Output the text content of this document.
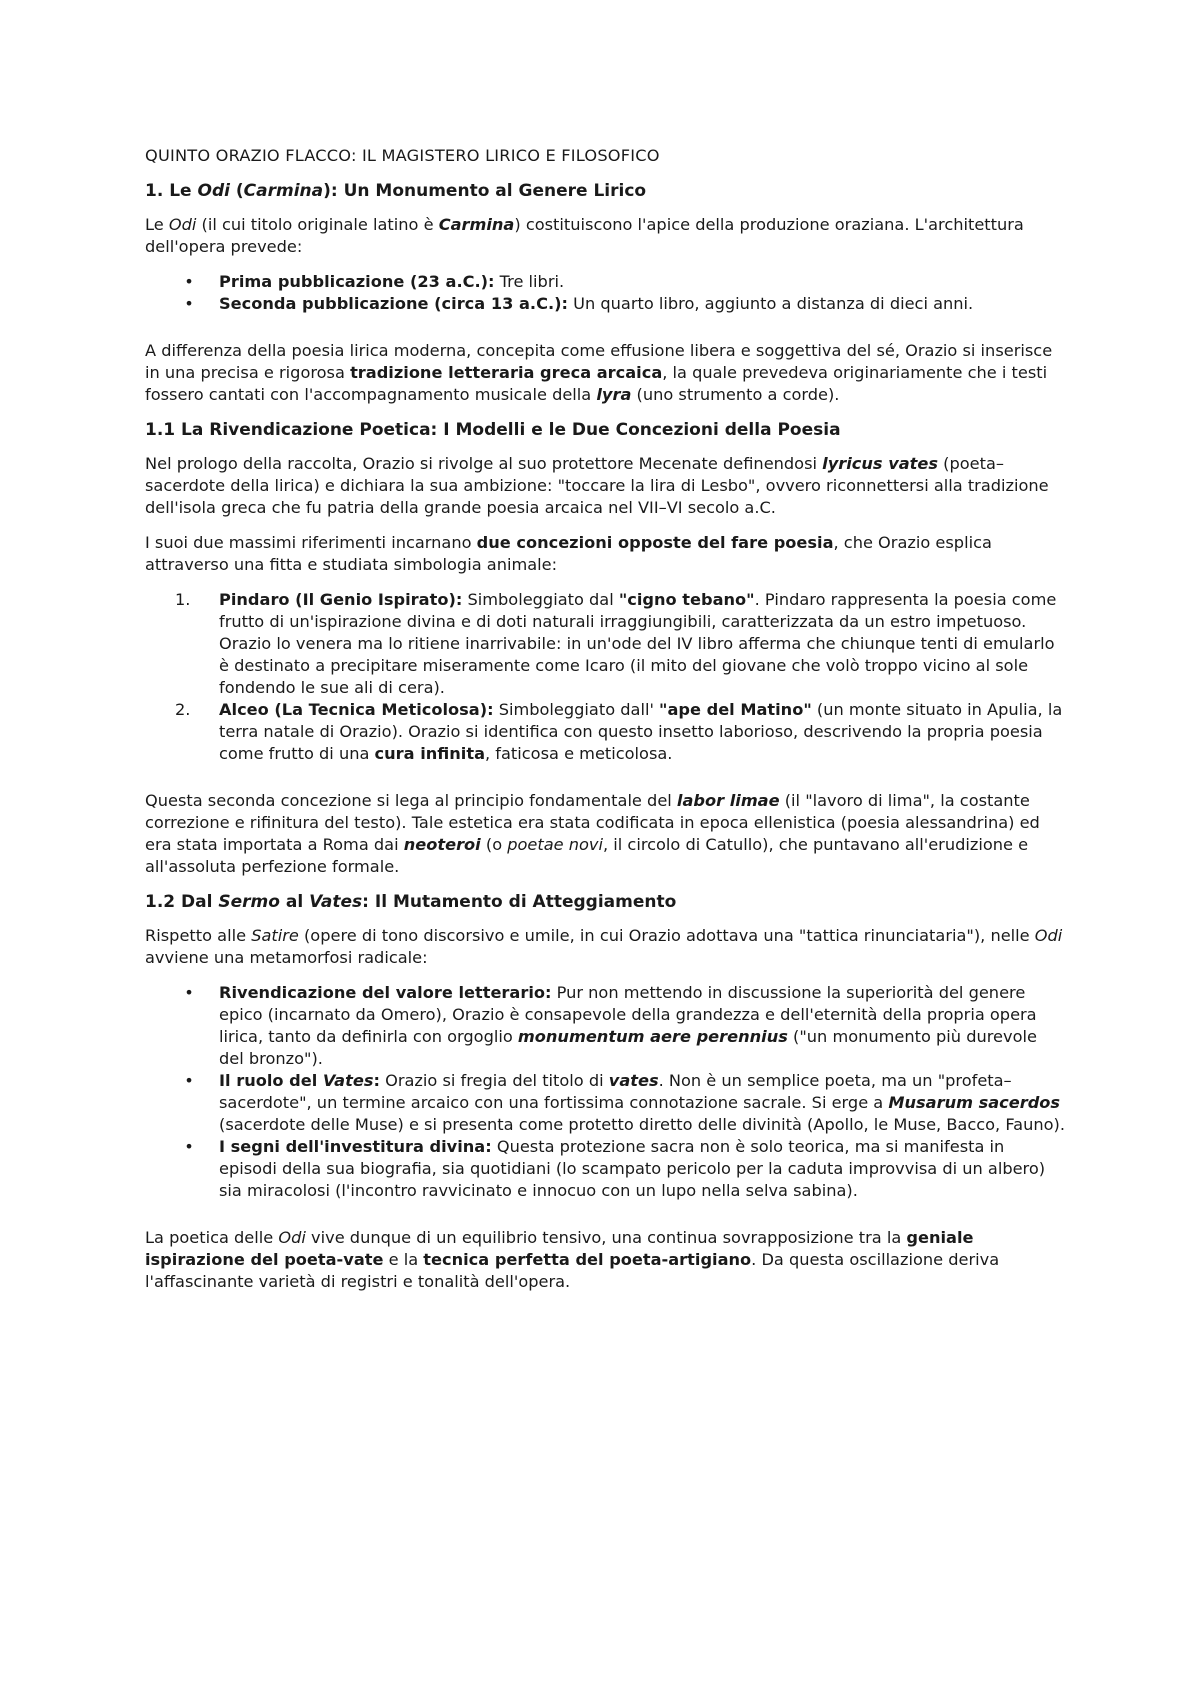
QUINTO ORAZIO FLACCO: IL MAGISTERO LIRICO E FILOSOFICO
1. Le Odi (Carmina): Un Monumento al Genere Lirico

Le Odi (il cui titolo originale latino è Carmina) costituiscono l'apice della produzione oraziana. L'architettura dell'opera prevede:

• Prima pubblicazione (23 a.C.): Tre libri.
• Seconda pubblicazione (circa 13 a.C.): Un quarto libro, aggiunto a distanza di dieci anni.

A differenza della poesia lirica moderna, concepita come effusione libera e soggettiva del sé, Orazio si inserisce in una precisa e rigorosa tradizione letteraria greca arcaica, la quale prevedeva originariamente che i testi fossero cantati con l'accompagnamento musicale della lyra (uno strumento a corde).

1.1 La Rivendicazione Poetica: I Modelli e le Due Concezioni della Poesia

Nel prologo della raccolta, Orazio si rivolge al suo protettore Mecenate definendosi lyricus vates (poeta–sacerdote della lirica) e dichiara la sua ambizione: "toccare la lira di Lesbo", ovvero riconnettersi alla tradizione dell'isola greca che fu patria della grande poesia arcaica nel VII–VI secolo a.C.

I suoi due massimi riferimenti incarnano due concezioni opposte del fare poesia, che Orazio esplica attraverso una fitta e studiata simbologia animale:

1. Pindaro (Il Genio Ispirato): Simboleggiato dal "cigno tebano". Pindaro rappresenta la poesia come frutto di un'ispirazione divina e di doti naturali irraggiungibili, caratterizzata da un estro impetuoso. Orazio lo venera ma lo ritiene inarrivabile: in un'ode del IV libro afferma che chiunque tenti di emularlo è destinato a precipitare miseramente come Icaro (il mito del giovane che volò troppo vicino al sole fondendo le sue ali di cera).
2. Alceo (La Tecnica Meticolosa): Simboleggiato dall' "ape del Matino" (un monte situato in Apulia, la terra natale di Orazio). Orazio si identifica con questo insetto laborioso, descrivendo la propria poesia come frutto di una cura infinita, faticosa e meticolosa.

Questa seconda concezione si lega al principio fondamentale del labor limae (il "lavoro di lima", la costante correzione e rifinitura del testo). Tale estetica era stata codificata in epoca ellenistica (poesia alessandrina) ed era stata importata a Roma dai neoteroi (o poetae novi, il circolo di Catullo), che puntavano all'erudizione e all'assoluta perfezione formale.

1.2 Dal Sermo al Vates: Il Mutamento di Atteggiamento

Rispetto alle Satire (opere di tono discorsivo e umile, in cui Orazio adottava una "tattica rinunciataria"), nelle Odi avviene una metamorfosi radicale:

• Rivendicazione del valore letterario: Pur non mettendo in discussione la superiorità del genere epico (incarnato da Omero), Orazio è consapevole della grandezza e dell'eternità della propria opera lirica, tanto da definirla con orgoglio monumentum aere perennius ("un monumento più durevole del bronzo").
• Il ruolo del Vates: Orazio si fregia del titolo di vates. Non è un semplice poeta, ma un "profeta–sacerdote", un termine arcaico con una fortissima connotazione sacrale. Si erge a Musarum sacerdos (sacerdote delle Muse) e si presenta come protetto diretto delle divinità (Apollo, le Muse, Bacco, Fauno).
• I segni dell'investitura divina: Questa protezione sacra non è solo teorica, ma si manifesta in episodi della sua biografia, sia quotidiani (lo scampato pericolo per la caduta improvvisa di un albero) sia miracolosi (l'incontro ravvicinato e innocuo con un lupo nella selva sabina).

La poetica delle Odi vive dunque di un equilibrio tensivo, una continua sovrapposizione tra la geniale ispirazione del poeta-vate e la tecnica perfetta del poeta-artigiano. Da questa oscillazione deriva l'affascinante varietà di registri e tonalità dell'opera.
